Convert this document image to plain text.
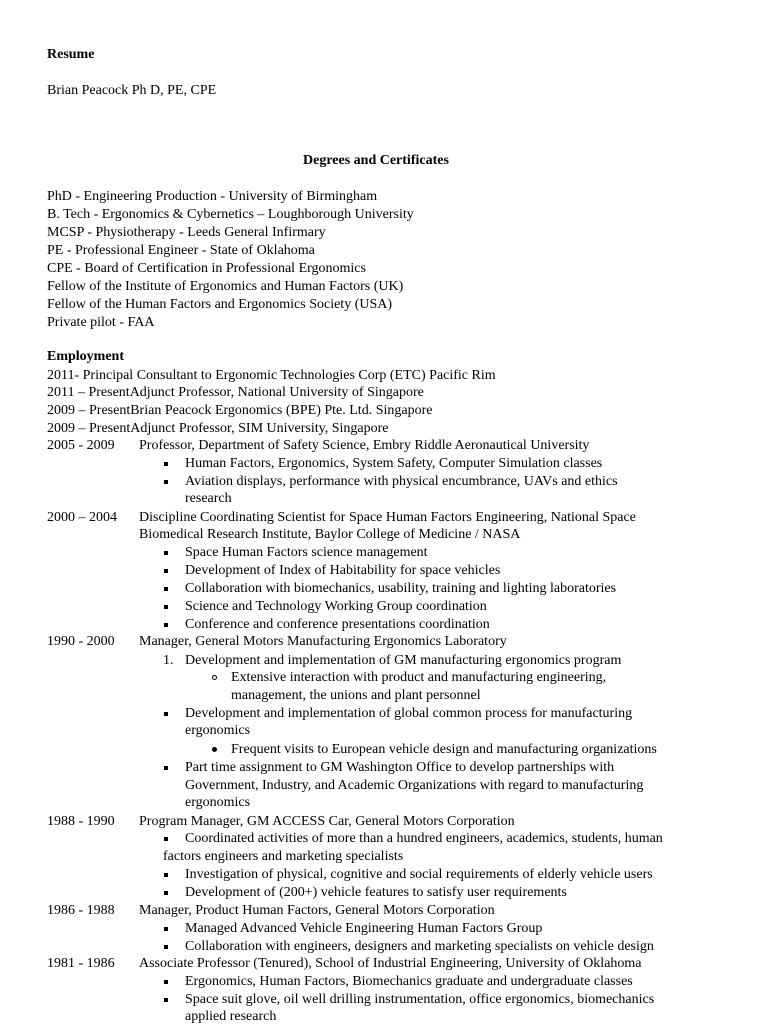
Resume
Brian Peacock Ph D, PE, CPE
Degrees and Certificates
PhD - Engineering Production - University of Birmingham
B. Tech - Ergonomics & Cybernetics – Loughborough University
MCSP - Physiotherapy - Leeds General Infirmary
PE - Professional Engineer - State of Oklahoma
CPE - Board of Certification in Professional Ergonomics
Fellow of the Institute of Ergonomics and Human Factors (UK)
Fellow of the Human Factors and Ergonomics Society (USA)
Private pilot - FAA
Employment
2011- Principal Consultant to Ergonomic Technologies Corp (ETC) Pacific Rim
2011 – PresentAdjunct Professor, National University of Singapore
2009 – PresentBrian Peacock Ergonomics (BPE) Pte. Ltd. Singapore
2009 – PresentAdjunct Professor, SIM University, Singapore
2005 - 2009 Professor, Department of Safety Science, Embry Riddle Aeronautical University
Human Factors, Ergonomics, System Safety, Computer Simulation classes
Aviation displays, performance with physical encumbrance, UAVs and ethics
research
2000 – 2004 Discipline Coordinating Scientist for Space Human Factors Engineering, National Space
Biomedical Research Institute, Baylor College of Medicine / NASA
Space Human Factors science management
Development of Index of Habitability for space vehicles
Collaboration with biomechanics, usability, training and lighting laboratories
Science and Technology Working Group coordination
Conference and conference presentations coordination
1990 - 2000 Manager, General Motors Manufacturing Ergonomics Laboratory
1. Development and implementation of GM manufacturing ergonomics program
Extensive interaction with product and manufacturing engineering,
management, the unions and plant personnel
Development and implementation of global common process for manufacturing
ergonomics
Frequent visits to European vehicle design and manufacturing organizations
Part time assignment to GM Washington Office to develop partnerships with
Government, Industry, and Academic Organizations with regard to manufacturing
ergonomics
1988 - 1990 Program Manager, GM ACCESS Car, General Motors Corporation
Coordinated activities of more than a hundred engineers, academics, students, human
factors engineers and marketing specialists
Investigation of physical, cognitive and social requirements of elderly vehicle users
Development of (200+) vehicle features to satisfy user requirements
1986 - 1988 Manager, Product Human Factors, General Motors Corporation
Managed Advanced Vehicle Engineering Human Factors Group
Collaboration with engineers, designers and marketing specialists on vehicle design
1981 - 1986 Associate Professor (Tenured), School of Industrial Engineering, University of Oklahoma
Ergonomics, Human Factors, Biomechanics graduate and undergraduate classes
Space suit glove, oil well drilling instrumentation, office ergonomics, biomechanics
applied research
